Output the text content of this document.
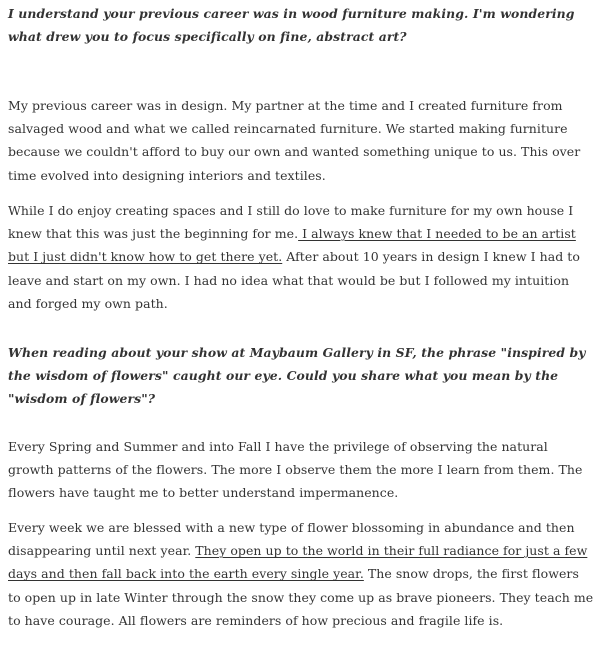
I understand your previous career was in wood furniture making. I'm wondering what drew you to focus specifically on fine, abstract art?

My previous career was in design. My partner at the time and I created furniture from salvaged wood and what we called reincarnated furniture. We started making furniture because we couldn't afford to buy our own and wanted something unique to us. This over time evolved into designing interiors and textiles.

While I do enjoy creating spaces and I still do love to make furniture for my own house I knew that this was just the beginning for me. I always knew that I needed to be an artist but I just didn't know how to get there yet. After about 10 years in design I knew I had to leave and start on my own. I had no idea what that would be but I followed my intuition and forged my own path.

When reading about your show at Maybaum Gallery in SF, the phrase "inspired by the wisdom of flowers" caught our eye. Could you share what you mean by the "wisdom of flowers"?

Every Spring and Summer and into Fall I have the privilege of observing the natural growth patterns of the flowers. The more I observe them the more I learn from them. The flowers have taught me to better understand impermanence.

Every week we are blessed with a new type of flower blossoming in abundance and then disappearing until next year. They open up to the world in their full radiance for just a few days and then fall back into the earth every single year. The snow drops, the first flowers to open up in late Winter through the snow they come up as brave pioneers. They teach me to have courage. All flowers are reminders of how precious and fragile life is.
